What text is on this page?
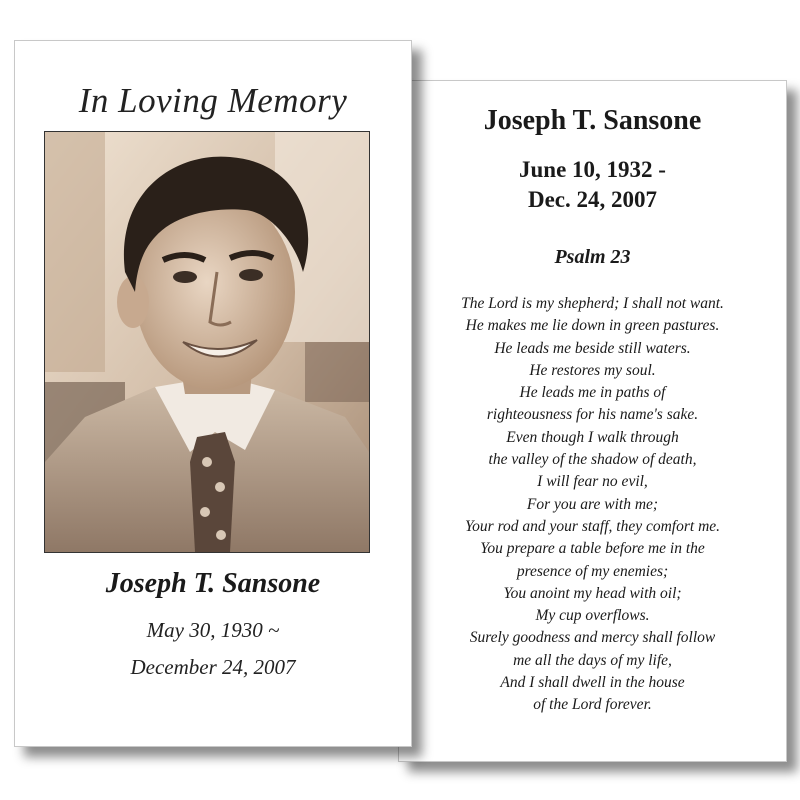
Joseph T. Sansone
June 10, 1932 -
Dec. 24, 2007
Psalm 23
The Lord is my shepherd; I shall not want.
He makes me lie down in green pastures.
He leads me beside still waters.
He restores my soul.
He leads me in paths of
righteousness for his name's sake.
Even though I walk through
the valley of the shadow of death,
I will fear no evil,
For you are with me;
Your rod and your staff, they comfort me.
You prepare a table before me in the
presence of my enemies;
You anoint my head with oil;
My cup overflows.
Surely goodness and mercy shall follow
me all the days of my life,
And I shall dwell in the house
of the Lord forever.
In Loving Memory
Joseph T. Sansone
May 30, 1930 ~
December 24, 2007
